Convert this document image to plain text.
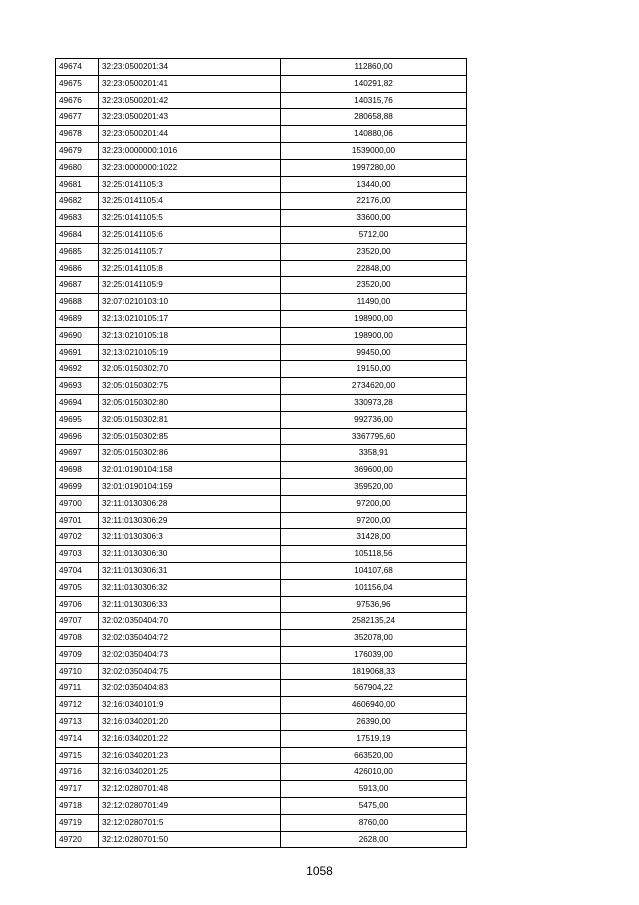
49674	32:23:0500201:34	112860,00
49675	32:23:0500201:41	140291,82
49676	32:23:0500201:42	140315,76
49677	32:23:0500201:43	280658,88
49678	32:23:0500201:44	140880,06
49679	32:23:0000000:1016	1539000,00
49680	32:23:0000000:1022	1997280,00
49681	32:25:0141105:3	13440,00
49682	32:25:0141105:4	22176,00
49683	32:25:0141105:5	33600,00
49684	32:25:0141105:6	5712,00
49685	32:25:0141105:7	23520,00
49686	32:25:0141105:8	22848,00
49687	32:25:0141105:9	23520,00
49688	32:07:0210103:10	11490,00
49689	32:13:0210105:17	198900,00
49690	32:13:0210105:18	198900,00
49691	32:13:0210105:19	99450,00
49692	32:05:0150302:70	19150,00
49693	32:05:0150302:75	2734620,00
49694	32:05:0150302:80	330973,28
49695	32:05:0150302:81	992736,00
49696	32:05:0150302:85	3367795,60
49697	32:05:0150302:86	3358,91
49698	32:01:0190104:158	369600,00
49699	32:01:0190104:159	359520,00
49700	32:11:0130306:28	97200,00
49701	32:11:0130306:29	97200,00
49702	32:11:0130306:3	31428,00
49703	32:11:0130306:30	105118,56
49704	32:11:0130306:31	104107,68
49705	32:11:0130306:32	101156,04
49706	32:11:0130306:33	97536,96
49707	32:02:0350404:70	2582135,24
49708	32:02:0350404:72	352078,00
49709	32:02:0350404:73	176039,00
49710	32:02:0350404:75	1819068,33
49711	32:02:0350404:83	567904,22
49712	32:16:0340101:9	4606940,00
49713	32:16:0340201:20	26390,00
49714	32:16:0340201:22	17519,19
49715	32:16:0340201:23	663520,00
49716	32:16:0340201:25	426010,00
49717	32:12:0280701:48	5913,00
49718	32:12:0280701:49	5475,00
49719	32:12:0280701:5	8760,00
49720	32:12:0280701:50	2628,00
1058
